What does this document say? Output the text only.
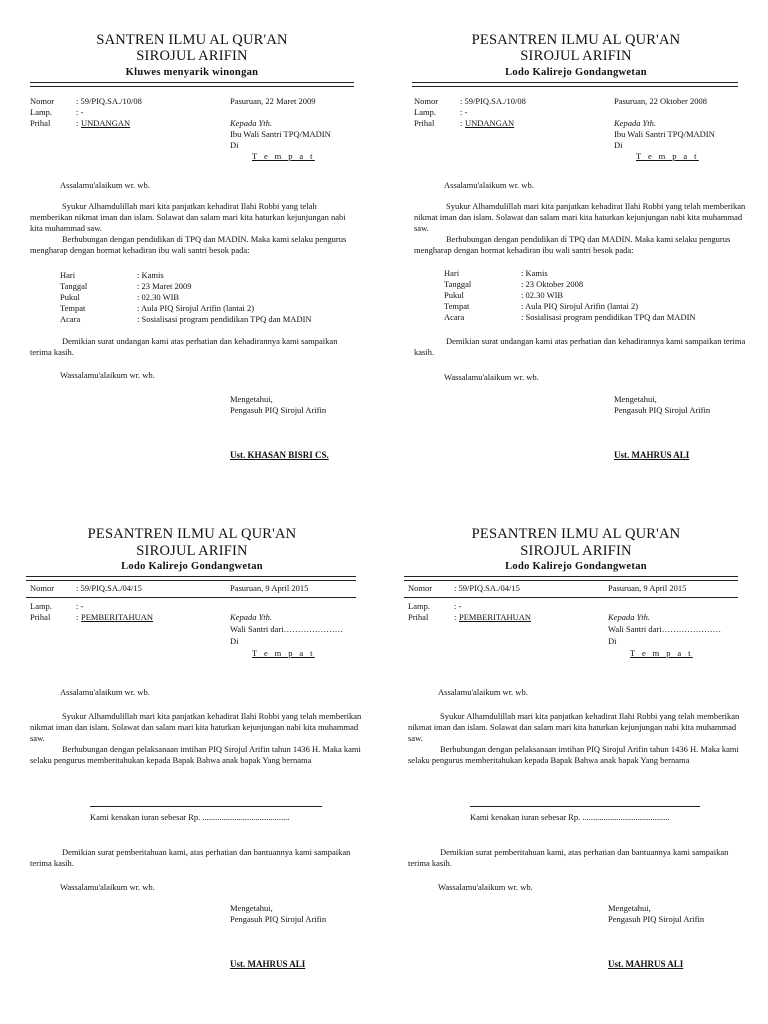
SANTREN ILMU AL QUR'AN
SIROJUL ARIFIN
Kluwes menyarik winongan
Nomor	: 59/PIQ.SA./10/08
Lamp.	: -
Prihal	: UNDANGAN
Pasuruan, 22 Maret 2009
Kepada Yth.
Ibu Wali Santri TPQ/MADIN
Di
T e m p a t
Assalamu'alaikum wr. wb.
Syukur Alhamdulillah mari kita panjatkan kehadirat Ilahi Robbi yang telah memberikan nikmat iman dan islam. Solawat dan salam mari kita haturkan kejunjungan nabi kita muhammad saw.
Berhubungan dengan pendidikan di TPQ dan MADIN. Maka kami selaku pengurus mengharap dengan hormat kehadiran ibu wali santri besok pada:
Hari	: Kamis
Tanggal	: 23 Maret 2009
Pukul	: 02.30 WIB
Tempat	: Aula PIQ Sirojul Arifin (lantai 2)
Acara	: Sosialisasi program pendidikan TPQ dan MADIN
Demikian surat undangan kami atas perhatian dan kehadirannya kami sampaikan terima kasih.
Wassalamu'alaikum wr. wb.
Mengetahui,
Pengasuh PIQ Sirojul Arifin
Ust. KHASAN BISRI CS.
PESANTREN ILMU AL QUR'AN
SIROJUL ARIFIN
Lodo Kalirejo Gondangwetan
Nomor	: 59/PIQ.SA./10/08
Lamp.	: -
Prihal	: UNDANGAN
Pasuruan, 22 Oktober 2008
Kepada Yth.
Ibu Wali Santri TPQ/MADIN
Di
T e m p a t
Assalamu'alaikum wr. wb.
Syukur Alhamdulillah mari kita panjatkan kehadirat Ilahi Robbi yang telah memberikan nikmat iman dan islam. Solawat dan salam mari kita haturkan kejunjungan nabi kita muhammad saw.
Berhubungan dengan pendidikan di TPQ dan MADIN. Maka kami selaku pengurus mengharap dengan hormat kehadiran ibu wali santri besok pada:
Hari	: Kamis
Tanggal	: 23 Oktober 2008
Pukul	: 02.30 WIB
Tempat	: Aula PIQ Sirojul Arifin (lantai 2)
Acara	: Sosialisasi program pendidikan TPQ dan MADIN
Demikian surat undangan kami atas perhatian dan kehadirannya kami sampaikan terima kasih.
Wassalamu'alaikum wr. wb.
Mengetahui,
Pengasuh PIQ Sirojul Arifin
Ust. MAHRUS ALI
PESANTREN ILMU AL QUR'AN
SIROJUL ARIFIN
Lodo Kalirejo Gondangwetan
Nomor	: 59/PIQ.SA./04/15	Pasuruan, 9 April 2015
Lamp.	: -
Prihal	: PEMBERITAHUAN	Kepada Yth.
Wali Santri dari…………………
Di
T e m p a t
Assalamu'alaikum wr. wb.
Syukur Alhamdulillah mari kita panjatkan kehadirat Ilahi Robbi yang telah memberikan nikmat iman dan islam. Solawat dan salam mari kita haturkan kejunjungan nabi kita muhammad saw.
Berhubungan dengan pelaksanaan imtihan PIQ Sirojul Arifin tahun 1436 H. Maka kami selaku pengurus memberitahukan kepada Bapak Bahwa anak bapak Yang bernama
Kami kenakan iuran sebesar Rp. .........................................
Demikian surat pemberitahuan kami, atas perhatian dan bantuannya kami sampaikan terima kasih.
Wassalamu'alaikum wr. wb.
Mengetahui,
Pengasuh PIQ Sirojul Arifin
Ust. MAHRUS ALI
PESANTREN ILMU AL QUR'AN
SIROJUL ARIFIN
Lodo Kalirejo Gondangwetan
Nomor	: 59/PIQ.SA./04/15	Pasuruan, 9 April 2015
Lamp.	: -
Prihal	: PEMBERITAHUAN	Kepada Yth.
Wali Santri dari…………………
Di
T e m p a t
Assalamu'alaikum wr. wb.
Syukur Alhamdulillah mari kita panjatkan kehadirat Ilahi Robbi yang telah memberikan nikmat iman dan islam. Solawat dan salam mari kita haturkan kejunjungan nabi kita muhammad saw.
Berhubungan dengan pelaksanaan imtihan PIQ Sirojul Arifin tahun 1436 H. Maka kami selaku pengurus memberitahukan kepada Bapak Bahwa anak bapak Yang bernama
Kami kenakan iuran sebesar Rp. .........................................
Demikian surat pemberitahuan kami, atas perhatian dan bantuannya kami sampaikan terima kasih.
Wassalamu'alaikum wr. wb.
Mengetahui,
Pengasuh PIQ Sirojul Arifin
Ust. MAHRUS ALI
